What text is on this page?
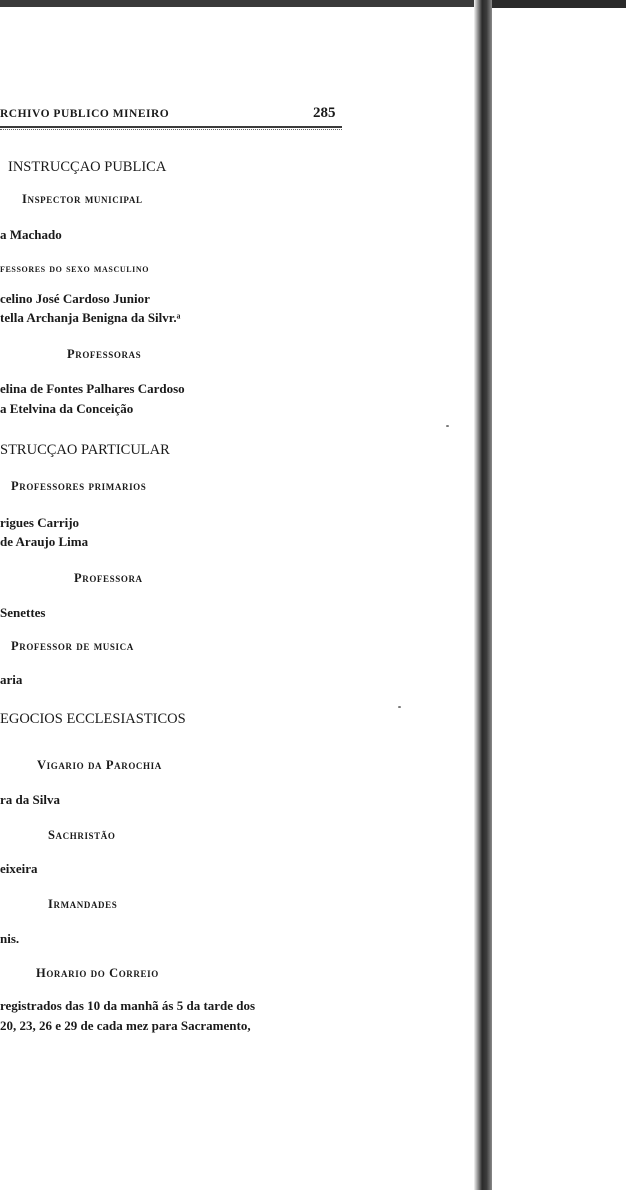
RCHIVO PUBLICO MINEIRO	285
INSTRUCÇAO PUBLICA
Inspector municipal
a Machado
fessores do sexo masculino
celino José Cardoso Junior
tella Archanja Benigna da Silvr.ᵃ
Professoras
elina de Fontes Palhares Cardoso
a Etelvina da Conceição
STRUCÇAO PARTICULAR
Professores primarios
rigues Carrijo
de Araujo Lima
Professora
Senettes
Professor de musica
aria
EGOCIOS ECCLESIASTICOS
Vigario da Parochia
ra da Silva
Sachristão
eixeira
Irmandades
nis.
Horario do Correio
registrados das 10 da manhã ás 5 da tarde dos
20, 23, 26 e 29 de cada mez para Sacramento,
